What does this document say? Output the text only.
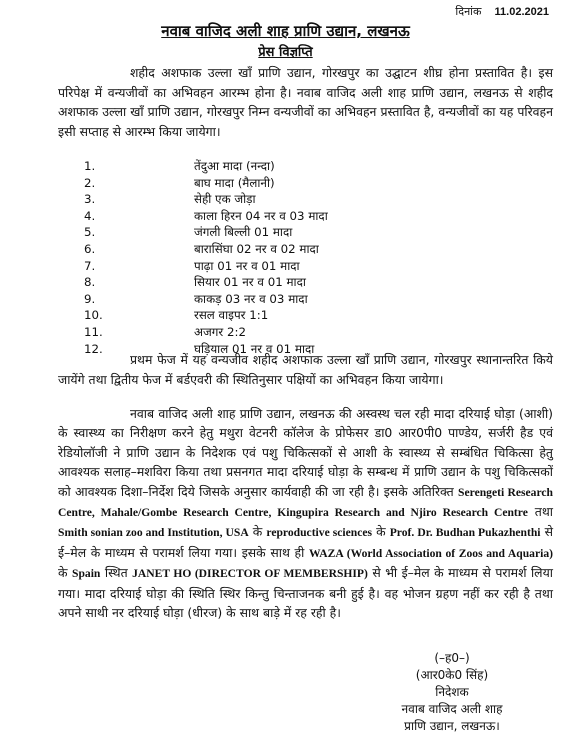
दिनांक 11.02.2021
नवाब वाजिद अली शाह प्राणि उद्यान, लखनऊ
प्रेस विज्ञप्ति

शहीद अशफाक उल्ला खाँ प्राणि उद्यान, गोरखपुर का उद्घाटन शीघ्र होना प्रस्तावित है। इस परिपेक्ष में वन्यजीवों का अभिवहन आरम्भ होना है। नवाब वाजिद अली शाह प्राणि उद्यान, लखनऊ से शहीद अशफाक उल्ला खाँ प्राणि उद्यान, गोरखपुर निम्न वन्यजीवों का अभिवहन प्रस्तावित है, वन्यजीवों का यह परिवहन इसी सप्ताह से आरम्भ किया जायेगा।

1.	तेंदुआ मादा (नन्दा)
2.	बाघ मादा (मैलानी)
3.	सेही एक जोड़ा
4.	काला हिरन 04 नर व 03 मादा
5.	जंगली बिल्ली 01 मादा
6.	बारासिंघा 02 नर व 02 मादा
7.	पाढ़ा 01 नर व 01 मादा
8.	सियार 01 नर व 01 मादा
9.	काकड़ 03 नर व 03 मादा
10.	रसल वाइपर 1:1
11.	अजगर 2:2
12.	घड़ियाल 01 नर व 01 मादा

प्रथम फेज में यह वन्यजीव शहीद अशफाक उल्ला खाँ प्राणि उद्यान, गोरखपुर स्थानान्तरित किये जायेंगे तथा द्वितीय फेज में बर्डएवरी की स्थितिनुसार पक्षियों का अभिवहन किया जायेगा।

नवाब वाजिद अली शाह प्राणि उद्यान, लखनऊ की अस्वस्थ चल रही मादा दरियाई घोड़ा (आशी) के स्वास्थ्य का निरीक्षण करने हेतु मथुरा वेटनरी कॉलेज के प्रोफेसर डा0 आर0पी0 पाण्डेय, सर्जरी हैड एवं रेडियोलॉजी ने प्राणि उद्यान के निदेशक एवं पशु चिकित्सकों से आशी के स्वास्थ्य से सम्बंधित चिकित्सा हेतु आवश्यक सलाह–मशविरा किया तथा प्रसनगत मादा दरियाई घोड़ा के सम्बन्ध में प्राणि उद्यान के पशु चिकित्सकों को आवश्यक दिशा–निर्देश दिये जिसके अनुसार कार्यवाही की जा रही है। इसके अतिरिक्त Serengeti Research Centre, Mahale/Gombe Research Centre, Kingupira Research and Njiro Research Centre तथा Smith sonian zoo and Institution, USA के reproductive sciences के Prof. Dr. Budhan Pukazhenthi से ई–मेल के माध्यम से परामर्श लिया गया। इसके साथ ही WAZA (World Association of Zoos and Aquaria) के Spain स्थित JANET HO (DIRECTOR OF MEMBERSHIP) से भी ई–मेल के माध्यम से परामर्श लिया गया। मादा दरियाई घोड़ा की स्थिति स्थिर किन्तु चिन्ताजनक बनी हुई है। वह भोजन ग्रहण नहीं कर रही है तथा अपने साथी नर दरियाई घोड़ा (धीरज) के साथ बाड़े में रह रही है।

(–ह0–)
(आर0के0 सिंह)
निदेशक
नवाब वाजिद अली शाह
प्राणि उद्यान, लखनऊ।
